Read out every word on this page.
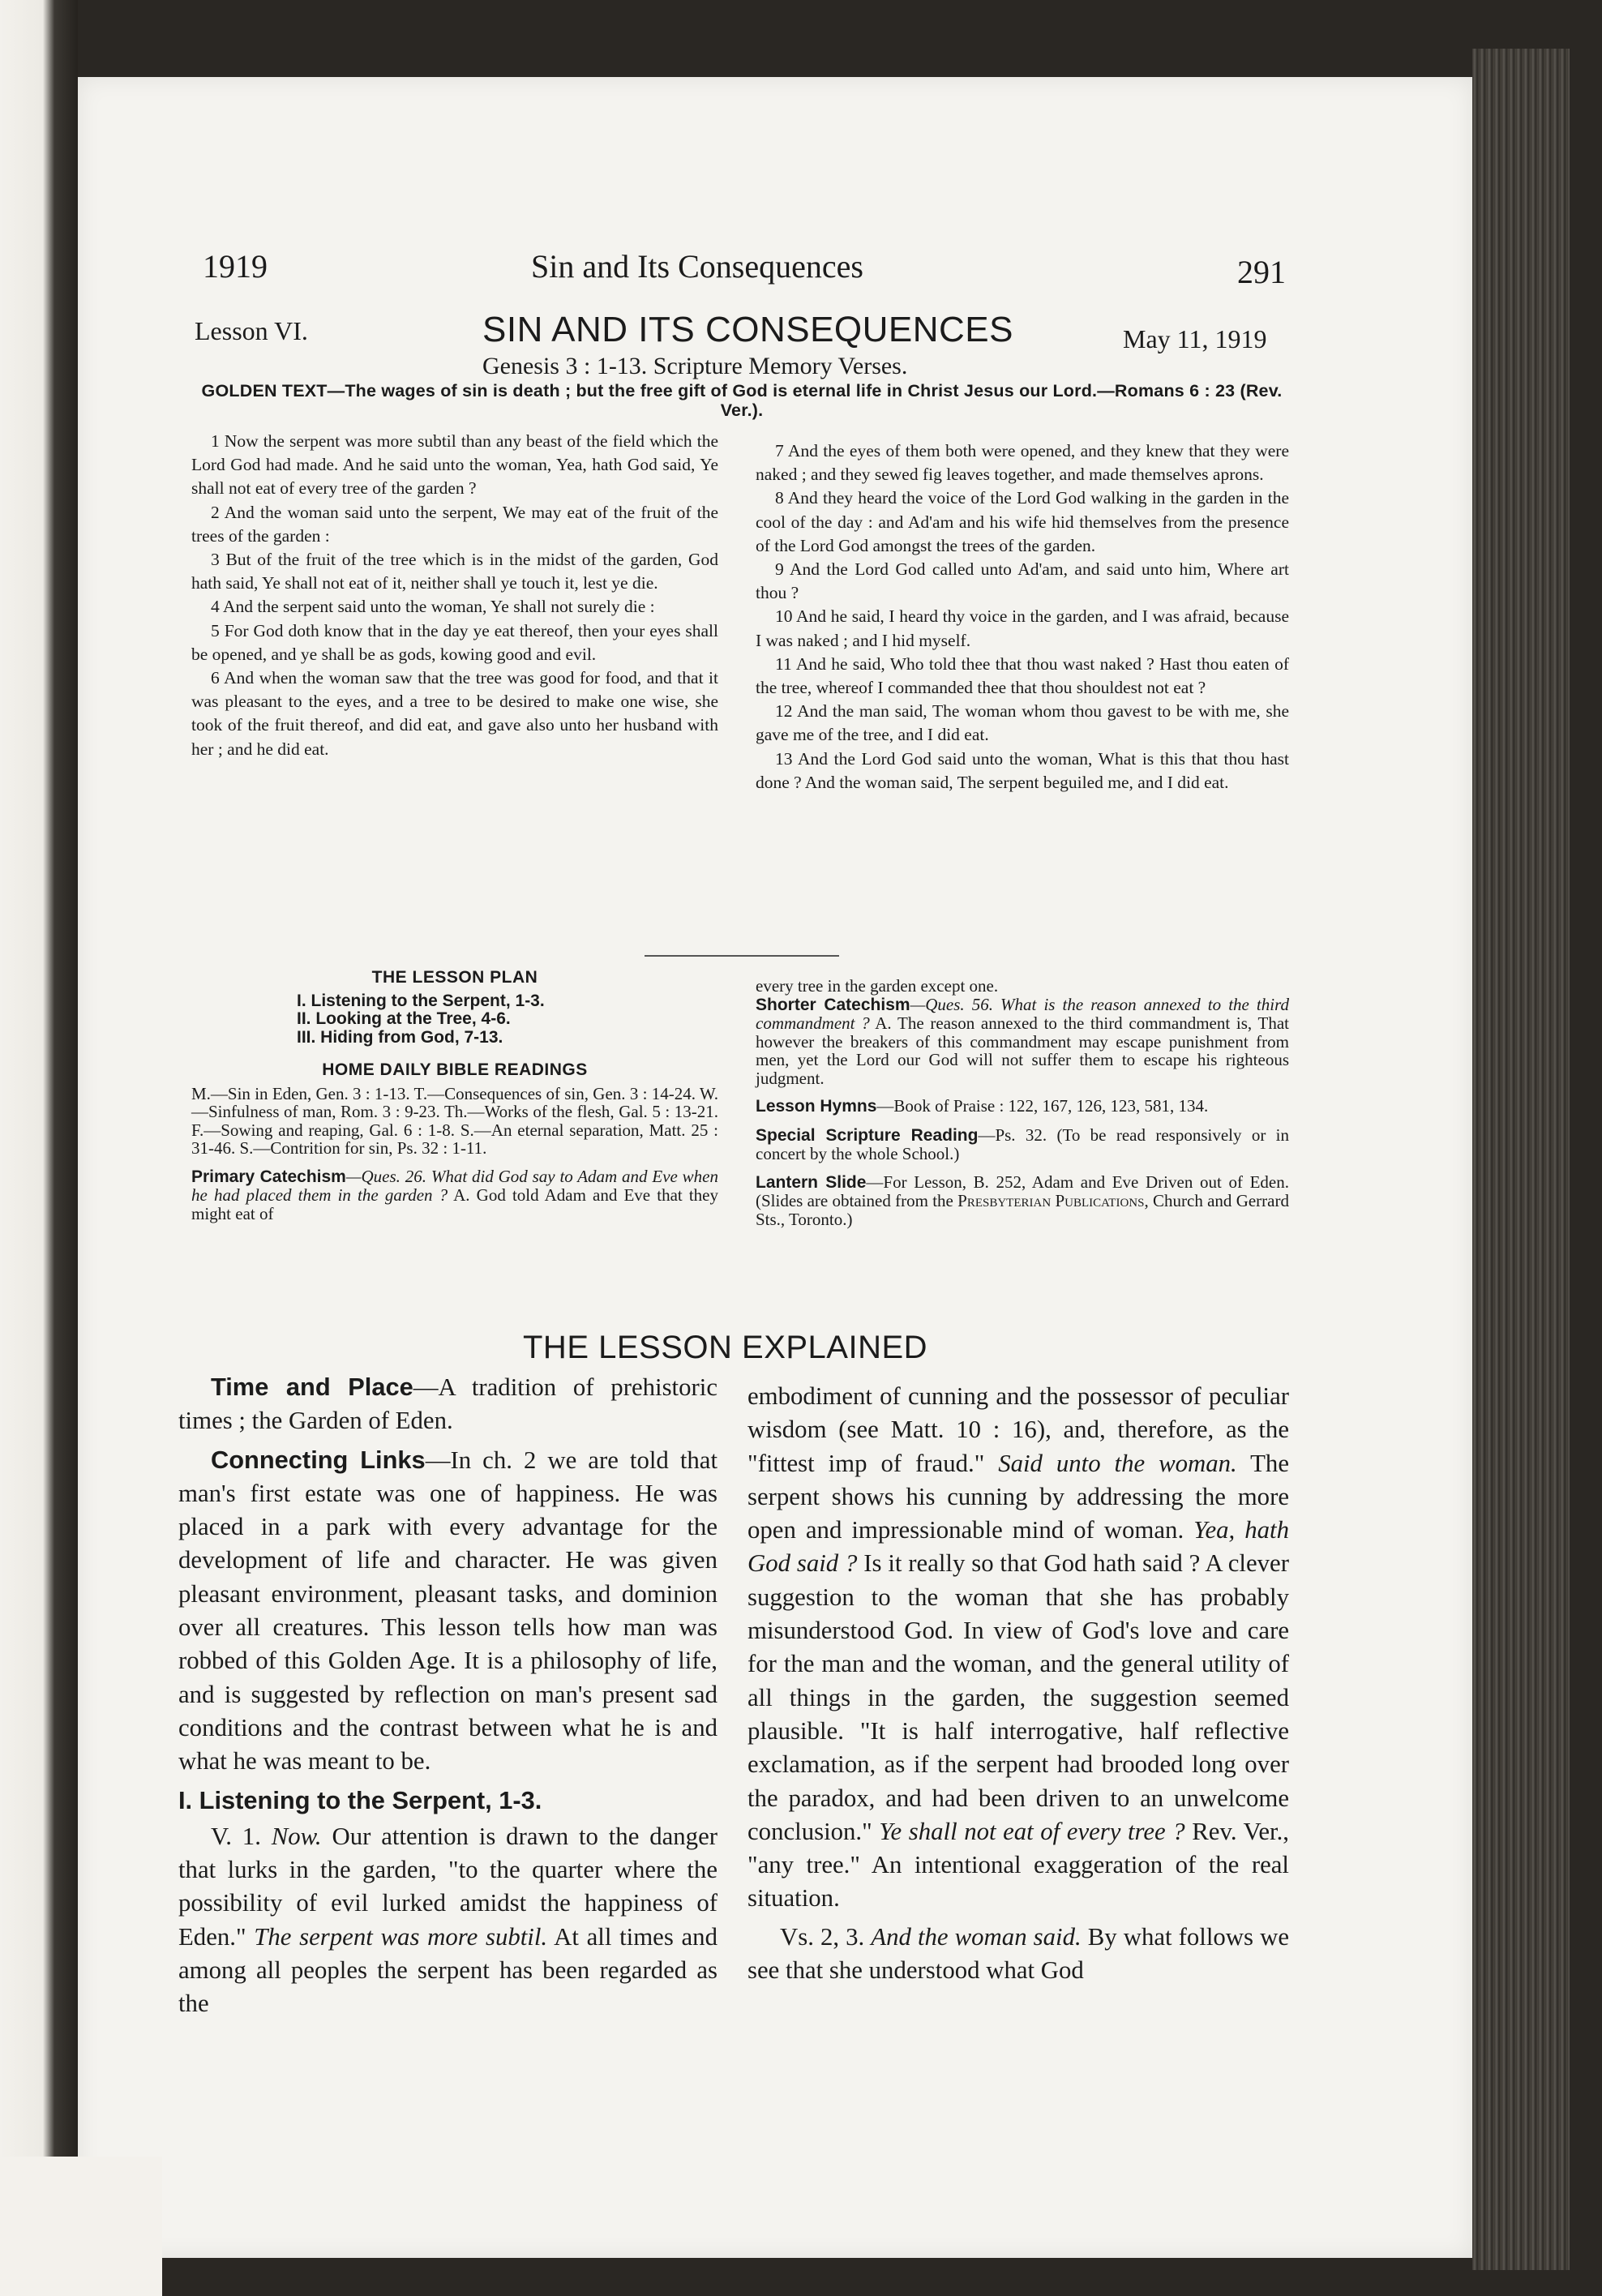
1919	Sin and Its Consequences	291
Lesson VI.	SIN AND ITS CONSEQUENCES	May 11, 1919
Genesis 3 : 1-13. Scripture Memory Verses.
GOLDEN TEXT—The wages of sin is death ; but the free gift of God is eternal life in Christ Jesus our Lord.—Romans 6 : 23 (Rev. Ver.).

1 Now the serpent was more subtil than any beast of the field which the Lord God had made. And he said unto the woman, Yea, hath God said, Ye shall not eat of every tree of the garden ?

2 And the woman said unto the serpent, We may eat of the fruit of the trees of the garden :

3 But of the fruit of the tree which is in the midst of the garden, God hath said, Ye shall not eat of it, neither shall ye touch it, lest ye die.

4 And the serpent said unto the woman, Ye shall not surely die :

5 For God doth know that in the day ye eat thereof, then your eyes shall be opened, and ye shall be as gods, kowing good and evil.

6 And when the woman saw that the tree was good for food, and that it was pleasant to the eyes, and a tree to be desired to make one wise, she took of the fruit thereof, and did eat, and gave also unto her husband with her ; and he did eat.

7 And the eyes of them both were opened, and they knew that they were naked ; and they sewed fig leaves together, and made themselves aprons.

8 And they heard the voice of the Lord God walking in the garden in the cool of the day : and Ad'am and his wife hid themselves from the presence of the Lord God amongst the trees of the garden.

9 And the Lord God called unto Ad'am, and said unto him, Where art thou ?

10 And he said, I heard thy voice in the garden, and I was afraid, because I was naked ; and I hid myself.

11 And he said, Who told thee that thou wast naked ? Hast thou eaten of the tree, whereof I commanded thee that thou shouldest not eat ?

12 And the man said, The woman whom thou gavest to be with me, she gave me of the tree, and I did eat.

13 And the Lord God said unto the woman, What is this that thou hast done ? And the woman said, The serpent beguiled me, and I did eat.

THE LESSON PLAN
I. Listening to the Serpent, 1-3.
II. Looking at the Tree, 4-6.
III. Hiding from God, 7-13.
HOME DAILY BIBLE READINGS
M.—Sin in Eden, Gen. 3 : 1-13. T.—Consequences of sin, Gen. 3 : 14-24. W.—Sinfulness of man, Rom. 3 : 9-23. Th.—Works of the flesh, Gal. 5 : 13-21. F.—Sowing and reaping, Gal. 6 : 1-8. S.—An eternal separation, Matt. 25 : 31-46. S.—Contrition for sin, Ps. 32 : 1-11.
Primary Catechism—Ques. 26. What did God say to Adam and Eve when he had placed them in the garden ? A. God told Adam and Eve that they might eat of
every tree in the garden except one.
Shorter Catechism—Ques. 56. What is the reason annexed to the third commandment ? A. The reason annexed to the third commandment is, That however the breakers of this commandment may escape punishment from men, yet the Lord our God will not suffer them to escape his righteous judgment.
Lesson Hymns—Book of Praise : 122, 167, 126, 123, 581, 134.
Special Scripture Reading—Ps. 32. (To be read responsively or in concert by the whole School.)
Lantern Slide—For Lesson, B. 252, Adam and Eve Driven out of Eden. (Slides are obtained from the Presbyterian Publications, Church and Gerrard Sts., Toronto.)
THE LESSON EXPLAINED

Time and Place—A tradition of prehistoric times ; the Garden of Eden.

Connecting Links—In ch. 2 we are told that man's first estate was one of happiness. He was placed in a park with every advantage for the development of life and character. He was given pleasant environment, pleasant tasks, and dominion over all creatures. This lesson tells how man was robbed of this Golden Age. It is a philosophy of life, and is suggested by reflection on man's present sad conditions and the contrast between what he is and what he was meant to be.

I. Listening to the Serpent, 1-3.

V. 1. Now. Our attention is drawn to the danger that lurks in the garden, "to the quarter where the possibility of evil lurked amidst the happiness of Eden." The serpent was more subtil. At all times and among all peoples the serpent has been regarded as the

embodiment of cunning and the possessor of peculiar wisdom (see Matt. 10 : 16), and, therefore, as the "fittest imp of fraud." Said unto the woman. The serpent shows his cunning by addressing the more open and impressionable mind of woman. Yea, hath God said ? Is it really so that God hath said ? A clever suggestion to the woman that she has probably misunderstood God. In view of God's love and care for the man and the woman, and the general utility of all things in the garden, the suggestion seemed plausible. "It is half interrogative, half reflective exclamation, as if the serpent had brooded long over the paradox, and had been driven to an unwelcome conclusion." Ye shall not eat of every tree ? Rev. Ver., "any tree." An intentional exaggeration of the real situation.

Vs. 2, 3. And the woman said. By what follows we see that she understood what God
